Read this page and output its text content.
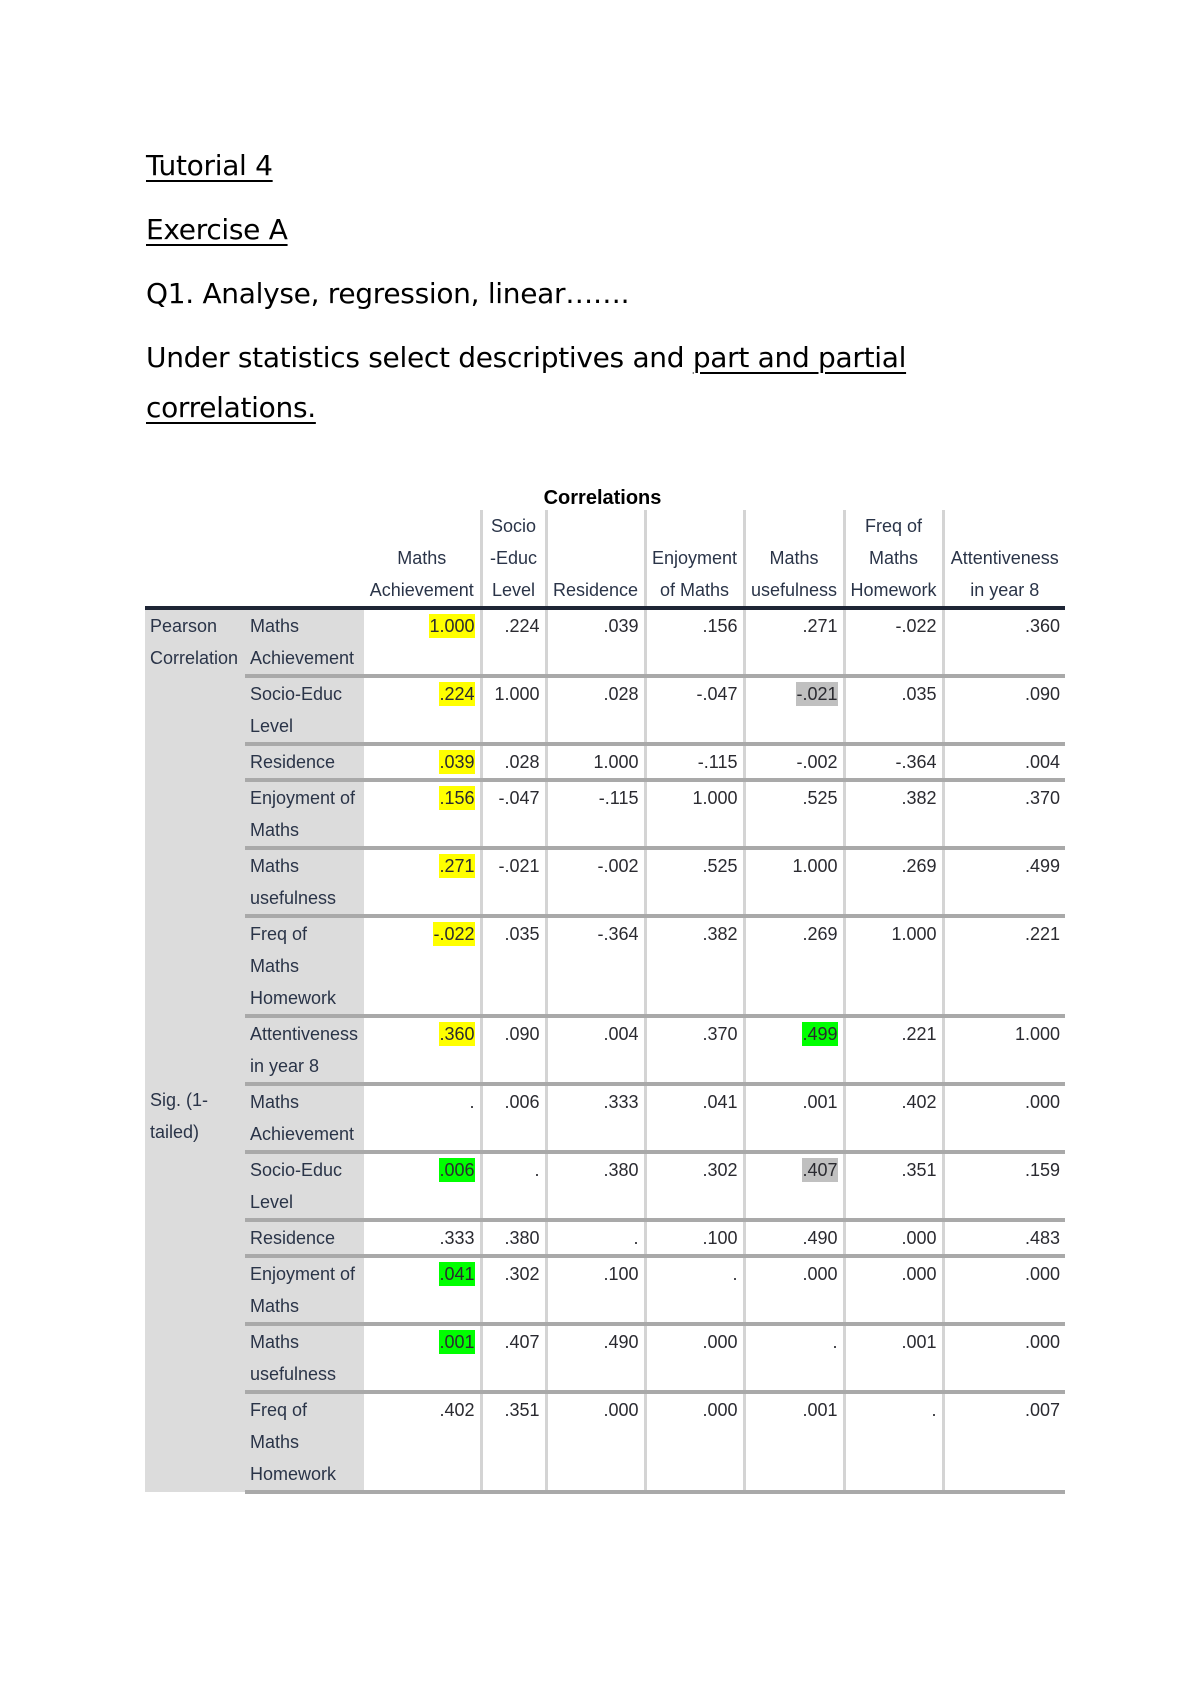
Tutorial 4
Exercise A
Q1. Analyse, regression, linear…….
Under statistics select descriptives and part and partial
correlations.
Correlations
		Maths Achievement	Socio -Educ Level	Residence	Enjoyment of Maths	Maths usefulness	Freq of Maths Homework	Attentiveness in year 8
Pearson Correlation	Maths Achievement	1.000	.224	.039	.156	.271	-.022	.360
	Socio-Educ Level	.224	1.000	.028	-.047	-.021	.035	.090
	Residence	.039	.028	1.000	-.115	-.002	-.364	.004
	Enjoyment of Maths	.156	-.047	-.115	1.000	.525	.382	.370
	Maths usefulness	.271	-.021	-.002	.525	1.000	.269	.499
	Freq of Maths Homework	-.022	.035	-.364	.382	.269	1.000	.221
	Attentiveness in year 8	.360	.090	.004	.370	.499	.221	1.000
Sig. (1-tailed)	Maths Achievement	.	.006	.333	.041	.001	.402	.000
	Socio-Educ Level	.006	.	.380	.302	.407	.351	.159
	Residence	.333	.380	.	.100	.490	.000	.483
	Enjoyment of Maths	.041	.302	.100	.	.000	.000	.000
	Maths usefulness	.001	.407	.490	.000	.	.001	.000
	Freq of Maths Homework	.402	.351	.000	.000	.001	.	.007
